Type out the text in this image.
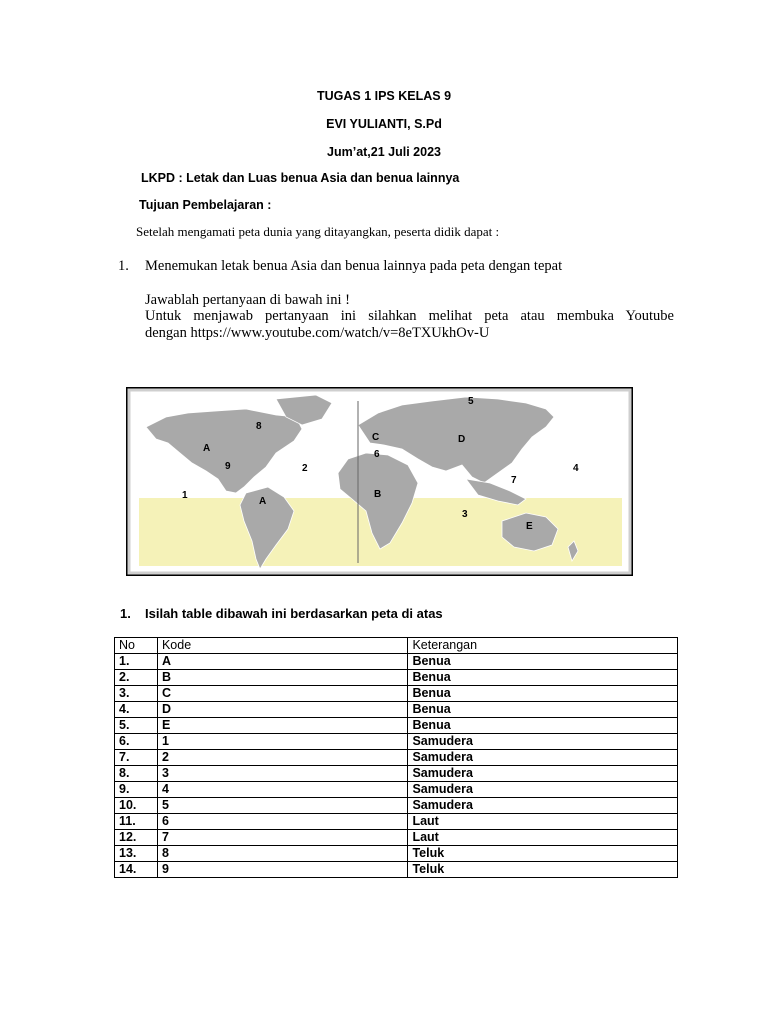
TUGAS 1 IPS KELAS 9
EVI YULIANTI, S.Pd
Jum’at,21 Juli 2023
LKPD : Letak dan Luas benua Asia dan benua lainnya
Tujuan Pembelajaran :
Setelah mengamati peta dunia yang ditayangkan, peserta didik dapat :
1. Menemukan letak benua Asia dan benua lainnya pada peta dengan tepat
Jawablah pertanyaan di bawah ini !
Untuk menjawab pertanyaan ini silahkan melihat peta atau membuka Youtube
dengan https://www.youtube.com/watch/v=8eTXUkhOv-U
5
8
C	D
A
6
9	2	4
7
1	B
A
3
E
1. Isilah table dibawah ini berdasarkan peta di atas
No	Kode	Keterangan
1.	A	Benua
2.	B	Benua
3.	C	Benua
4.	D	Benua
5.	E	Benua
6.	1	Samudera
7.	2	Samudera
8.	3	Samudera
9.	4	Samudera
10.	5	Samudera
11.	6	Laut
12.	7	Laut
13.	8	Teluk
14.	9	Teluk
